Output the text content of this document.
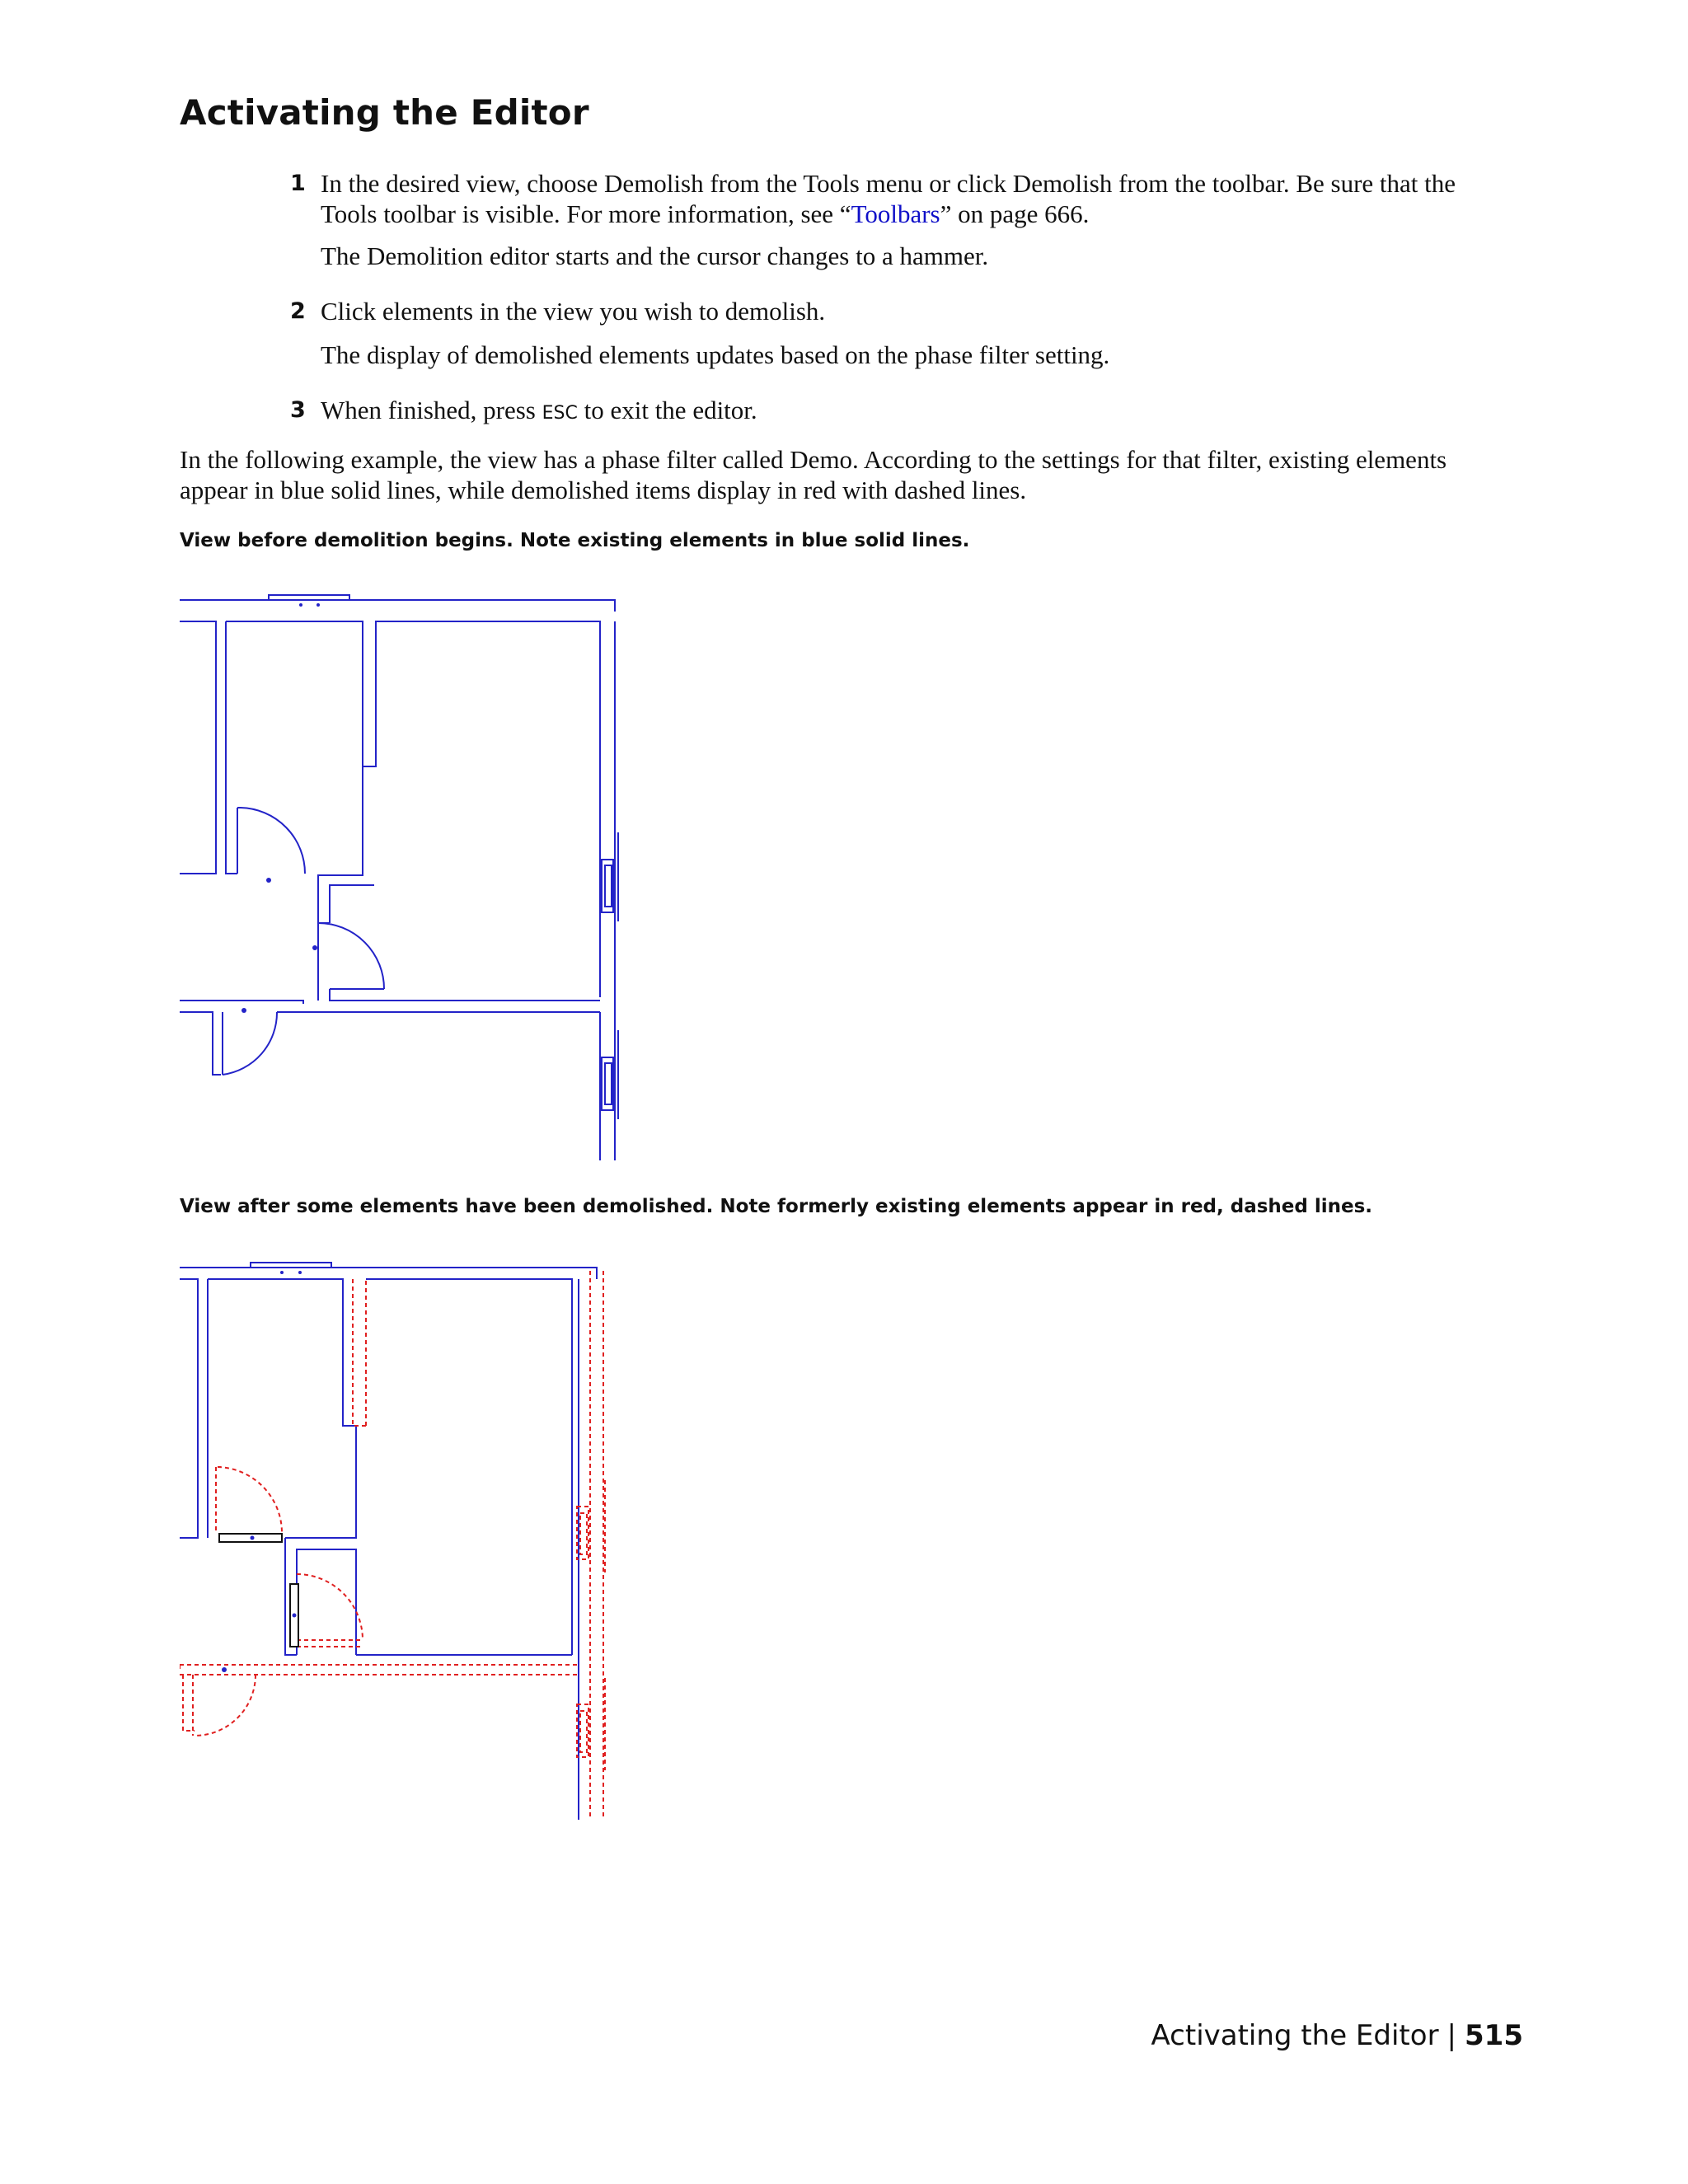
Activating the Editor
1 In the desired view, choose Demolish from the Tools menu or click Demolish from the toolbar. Be sure that the Tools toolbar is visible. For more information, see “Toolbars” on page 666.
The Demolition editor starts and the cursor changes to a hammer.
2 Click elements in the view you wish to demolish.
The display of demolished elements updates based on the phase filter setting.
3 When finished, press ESC to exit the editor.
In the following example, the view has a phase filter called Demo. According to the settings for that filter, existing elements appear in blue solid lines, while demolished items display in red with dashed lines.
View before demolition begins. Note existing elements in blue solid lines.
View after some elements have been demolished. Note formerly existing elements appear in red, dashed lines.
Activating the Editor | 515
